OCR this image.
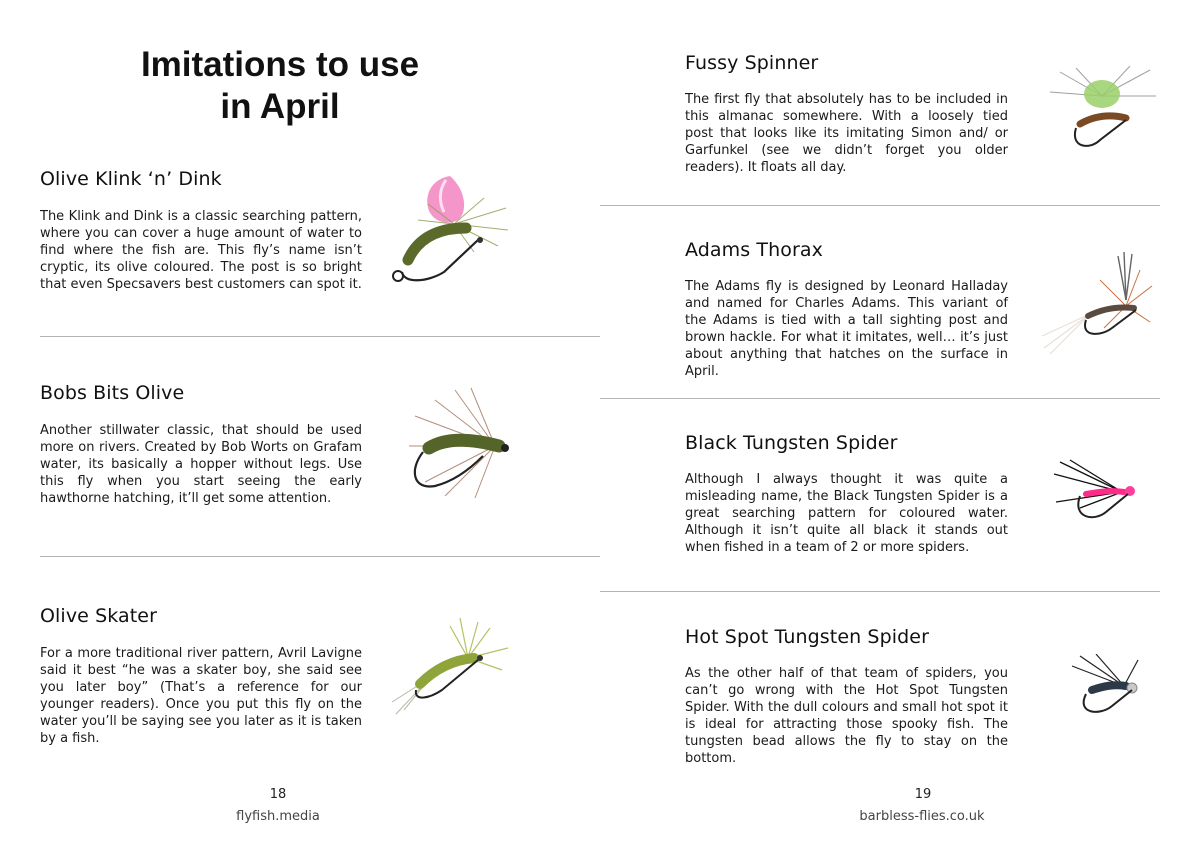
Imitations to use
in April
Olive Klink ‘n’ Dink

The Klink and Dink is a classic searching pattern, where you can cover a huge amount of water to find where the fish are. This fly’s name isn’t cryptic, its olive coloured. The post is so bright that even Specsavers best customers can spot it.

Bobs Bits Olive

Another stillwater classic, that should be used more on rivers. Created by Bob Worts on Grafam water, its basically a hopper without legs. Use this fly when you start seeing the early hawthorne hatching, it’ll get some attention.

Olive Skater

For a more traditional river pattern, Avril Lavigne said it best “he was a skater boy, she said see you later boy” (That’s a reference for our younger readers). Once you put this fly on the water you’ll be saying see you later as it is taken by a fish.

18
flyfish.media
Fussy Spinner

The first fly that absolutely has to be included in this almanac somewhere. With a loosely tied post that looks like its imitating Simon and/ or Garfunkel (see we didn’t forget you older readers). It floats all day.

Adams Thorax

The Adams fly is designed by Leonard Halladay and named for Charles Adams. This variant of the Adams is tied with a tall sighting post and brown hackle. For what it imitates, well… it’s just about anything that hatches on the surface in April.

Black Tungsten Spider

Although I always thought it was quite a misleading name, the Black Tungsten Spider is a great searching pattern for coloured water. Although it isn’t quite all black it stands out when fished in a team of 2 or more spiders.

Hot Spot Tungsten Spider

As the other half of that team of spiders, you can’t go wrong with the Hot Spot Tungsten Spider. With the dull colours and small hot spot it is ideal for attracting those spooky fish. The tungsten bead allows the fly to stay on the bottom.

19
barbless-flies.co.uk
